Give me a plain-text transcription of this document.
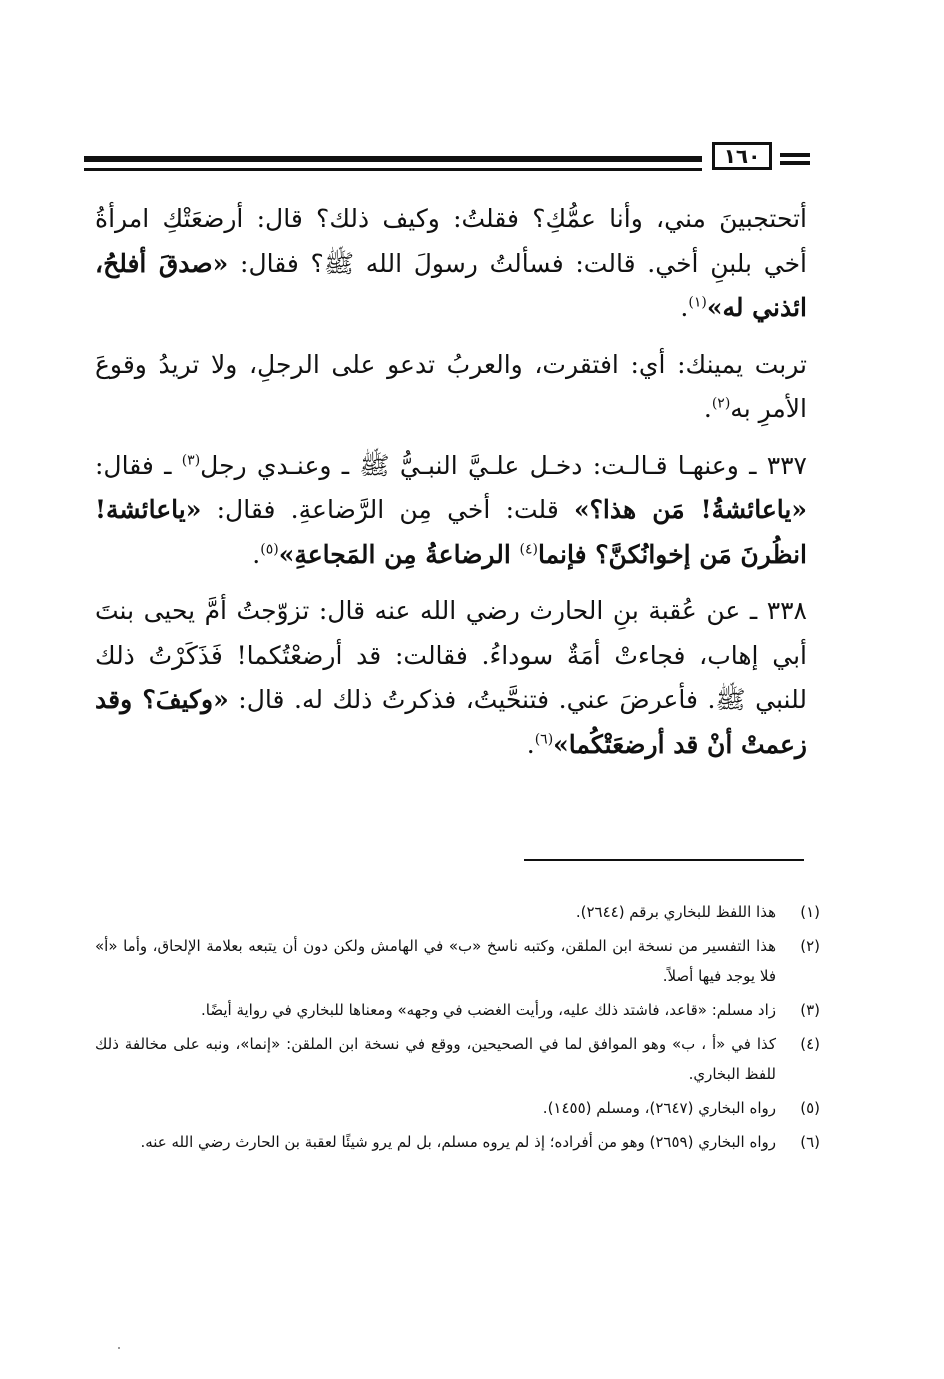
١٦٠

أتحتجبينَ مني، وأنا عمُّكِ؟ فقلتُ: وكيف ذلك؟ قال: أرضعَتْكِ امرأةُ أخي بلبنِ أخي. قالت: فسألتُ رسولَ الله ﷺ؟ فقال: «صدقَ أفلحُ، ائذني له»$^{(١)}$.

تربت يمينك: أي: افتقرت، والعربُ تدعو على الرجلِ، ولا تريدُ وقوعَ الأمرِ به$^{(٢)}$.

٣٣٧ ـ وعنهـا قـالـت: دخـل علـيَّ النبـيُّ ﷺ ـ وعنـدي رجل$^{(٣)}$ ـ فقال: «ياعائشةُ! مَن هذا؟» قلت: أخي مِن الرَّضاعةِ. فقال: «ياعائشة! انظُرنَ مَن إخوانُكنَّ؟ فإنما$^{(٤)}$ الرضاعةُ مِن المَجاعةِ»$^{(٥)}$.

٣٣٨ ـ عن عُقبة بنِ الحارث رضي الله عنه قال: تزوّجتُ أمَّ يحيى بنتَ أبي إهاب، فجاءتْ أمَةٌ سوداءُ. فقالت: قد أرضعْتُكما! فَذَكَرْتُ ذلك للنبي ﷺ. فأعرضَ عني. فتنحَّيتُ، فذكرتُ ذلك له. قال: «وكيفَ؟ وقد زعمتْ أنْ قد أرضعَتْكُما»$^{(٦)}$.

(١)
هذا اللفظ للبخاري برقم (٢٦٤٤).
(٢)
هذا التفسير من نسخة ابن الملقن، وكتبه ناسخ «ب» في الهامش ولكن دون أن يتبعه بعلامة الإلحاق، وأما «أ» فلا يوجد فيها أصلاً.
(٣)
زاد مسلم: «قاعد، فاشتد ذلك عليه، ورأيت الغضب في وجهه» ومعناها للبخاري في رواية أيضًا.
(٤)
كذا في «أ ، ب» وهو الموافق لما في الصحيحين، ووقع في نسخة ابن الملقن: «إنما»، ونبه على مخالفة ذلك للفظ البخاري.
(٥)
رواه البخاري (٢٦٤٧)، ومسلم (١٤٥٥).
(٦)
رواه البخاري (٢٦٥٩) وهو من أفراده؛ إذ لم يروه مسلم، بل لم يرو شيئًا لعقبة بن الحارث رضي الله عنه.
